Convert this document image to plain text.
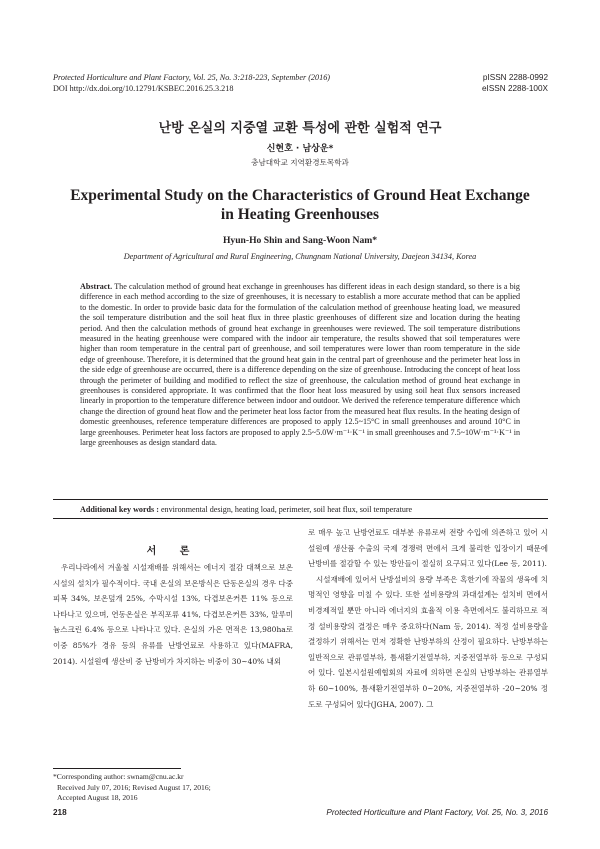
Protected Horticulture and Plant Factory, Vol. 25, No. 3:218-223, September (2016)
DOI http://dx.doi.org/10.12791/KSBEC.2016.25.3.218
pISSN 2288-0992
eISSN 2288-100X
난방 온실의 지중열 교환 특성에 관한 실험적 연구
신현호 · 남상운*
충남대학교 지역환경토목학과
Experimental Study on the Characteristics of Ground Heat Exchange
in Heating Greenhouses
Hyun-Ho Shin and Sang-Woon Nam*
Department of Agricultural and Rural Engineering, Chungnam National University, Daejeon 34134, Korea
Abstract. The calculation method of ground heat exchange in greenhouses has different ideas in each design standard, so there is a big difference in each method according to the size of greenhouses, it is necessary to establish a more accurate method that can be applied to the domestic. In order to provide basic data for the formulation of the calculation method of greenhouse heating load, we measured the soil temperature distribution and the soil heat flux in three plastic greenhouses of different size and location during the heating period. And then the calculation methods of ground heat exchange in greenhouses were reviewed. The soil temperature distributions measured in the heating greenhouse were compared with the indoor air temperature, the results showed that soil temperatures were higher than room temperature in the central part of greenhouse, and soil temperatures were lower than room temperature in the side edge of greenhouse. Therefore, it is determined that the ground heat gain in the central part of greenhouse and the perimeter heat loss in the side edge of greenhouse are occurred, there is a difference depending on the size of greenhouse. Introducing the concept of heat loss through the perimeter of building and modified to reflect the size of greenhouse, the calculation method of ground heat exchange in greenhouses is considered appropriate. It was confirmed that the floor heat loss measured by using soil heat flux sensors increased linearly in proportion to the temperature difference between indoor and outdoor. We derived the reference temperature difference which change the direction of ground heat flow and the perimeter heat loss factor from the measured heat flux results. In the heating design of domestic greenhouses, reference temperature differences are proposed to apply 12.5~15°C in small greenhouses and around 10°C in large greenhouses. Perimeter heat loss factors are proposed to apply 2.5~5.0W·m⁻¹·K⁻¹ in small greenhouses and 7.5~10W·m⁻¹·K⁻¹ in large greenhouses as design standard data.
Additional key words : environmental design, heating load, perimeter, soil heat flux, soil temperature
서 론

우리나라에서 겨울철 시설재배를 위해서는 에너지 절감 대책으로 보온시설의 설치가 필수적이다. 국내 온실의 보온방식은 단동온실의 경우 다중피복 34%, 보온덮개 25%, 수막시설 13%, 다겹보온커튼 11% 등으로 나타나고 있으며, 연동온실은 부직포류 41%, 다겹보온커튼 33%, 알루미늄스크린 6.4% 등으로 나타나고 있다. 온실의 가온 면적은 13,980ha로 이중 85%가 경유 등의 유류를 난방연료로 사용하고 있다(MAFRA, 2014). 시설원예 생산비 중 난방비가 차지하는 비중이 30~40% 내외

로 매우 높고 난방연료도 대부분 유류로써 전량 수입에 의존하고 있어 시설원예 생산품 수출의 국제 경쟁력 면에서 크게 불리한 입장이기 때문에 난방비를 절감할 수 있는 방안들이 절실히 요구되고 있다(Lee 등, 2011).

시설재배에 있어서 난방설비의 용량 부족은 혹한기에 작물의 생육에 치명적인 영향을 미칠 수 있다. 또한 설비용량의 과대설계는 설치비 면에서 비경제적일 뿐만 아니라 에너지의 효율적 이용 측면에서도 불리하므로 적정 설비용량의 결정은 매우 중요하다(Nam 등, 2014). 적정 설비용량을 결정하기 위해서는 먼저 정확한 난방부하의 산정이 필요하다. 난방부하는 일반적으로 관류열부하, 틈새환기전열부하, 지중전열부하 등으로 구성되어 있다. 일본시설원예협회의 자료에 의하면 온실의 난방부하는 관류열부하 60~100%, 틈새환기전열부하 0~20%, 지중전열부하 -20~20% 정도로 구성되어 있다(JGHA, 2007). 그

*Corresponding author: swnam@cnu.ac.kr
Received July 07, 2016; Revised August 17, 2016;
Accepted August 18, 2016
218	Protected Horticulture and Plant Factory, Vol. 25, No. 3, 2016
